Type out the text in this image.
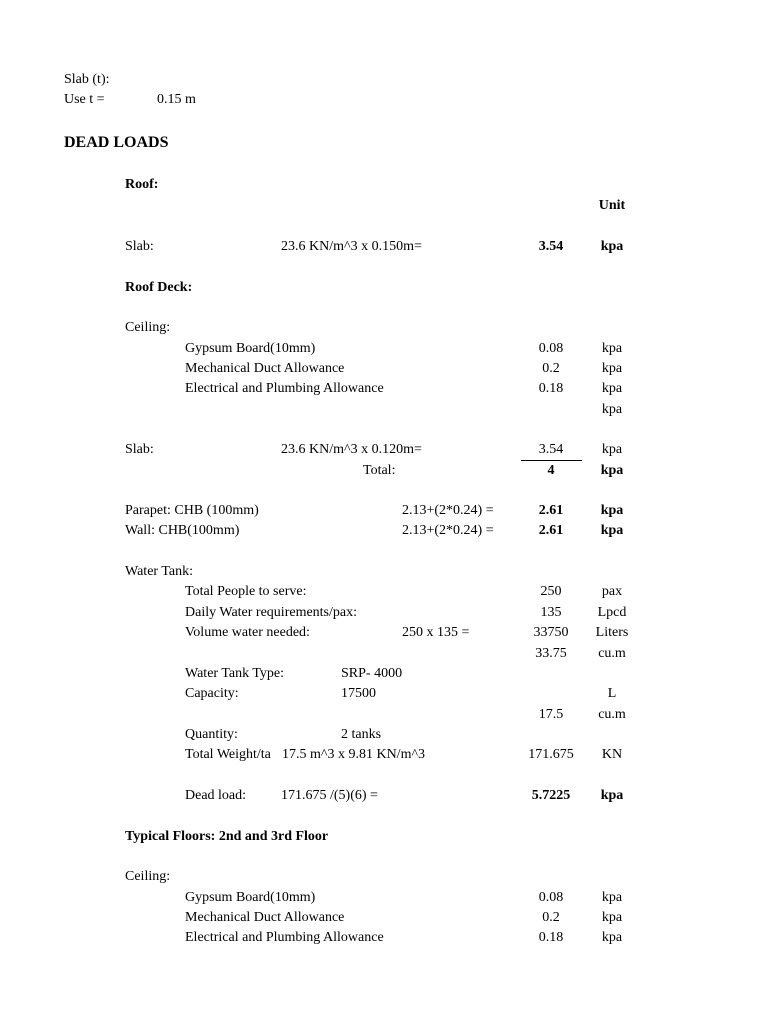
Slab (t):
Use t =	0.15 m
DEAD LOADS
Roof:
Unit
Slab:	23.6 KN/m^3 x 0.150m=	3.54	kpa
Roof Deck:
Ceiling:
Gypsum Board(10mm)	0.08	kpa
Mechanical Duct Allowance	0.2	kpa
Electrical and Plumbing Allowance	0.18	kpa
kpa
Slab:	23.6 KN/m^3 x 0.120m=	3.54	kpa
Total:	4	kpa
Parapet: CHB (100mm)	2.13+(2*0.24) =	2.61	kpa
Wall: CHB(100mm)	2.13+(2*0.24) =	2.61	kpa
Water Tank:
Total People to serve:	250	pax
Daily Water requirements/pax:	135	Lpcd
Volume water needed:	250 x 135 =	33750 Liters
33.75 cu.m
Water Tank Type:	SRP- 4000
Capacity:	17500	L
17.5 cu.m
Quantity:	2 tanks
Total Weight/ta 17.5 m^3 x 9.81 KN/m^3	171.675 KN
Dead load: 171.675 /(5)(6) =	5.7225 kpa
Typical Floors: 2nd and 3rd Floor
Ceiling:
Gypsum Board(10mm)	0.08	kpa
Mechanical Duct Allowance	0.2	kpa
Electrical and Plumbing Allowance	0.18	kpa
